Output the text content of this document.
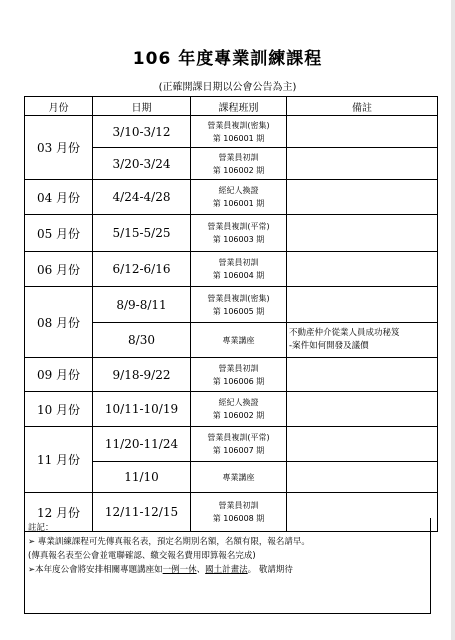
106 年度專業訓練課程
(正確開課日期以公會公告為主)
月份	日期	課程班別	備註
03 月份	3/10-3/12	營業員複訓(密集)
第 106001 期	

	3/20-3/24	營業員初訓
第 106002 期	

04 月份	4/24-4/28	經紀人換證
第 106001 期	

05 月份	5/15-5/25	營業員複訓(平常)
第 106003 期	

06 月份	6/12-6/16	營業員初訓
第 106004 期	

08 月份	8/9-8/11	營業員複訓(密集)
第 106005 期	

	8/30	專業講座	不動產仲介從業人員成功秘笈
-案件如何開發及議價

09 月份	9/18-9/22	營業員初訓
第 106006 期	

10 月份	10/11-10/19	經紀人換證
第 106002 期	

11 月份	11/20-11/24	營業員複訓(平常)
第 106007 期	

	11/10	專業講座	

12 月份	12/11-12/15	營業員初訓
第 106008 期	

註記：
➢ 專業訓練課程可先傳真報名表，預定名期別名額，名額有限，報名請早。
(傳真報名表至公會並電聯確認、繳交報名費用即算報名完成)
➢本年度公會將安排相關專題講座如一例一休、國土計畫法。 敬請期待
